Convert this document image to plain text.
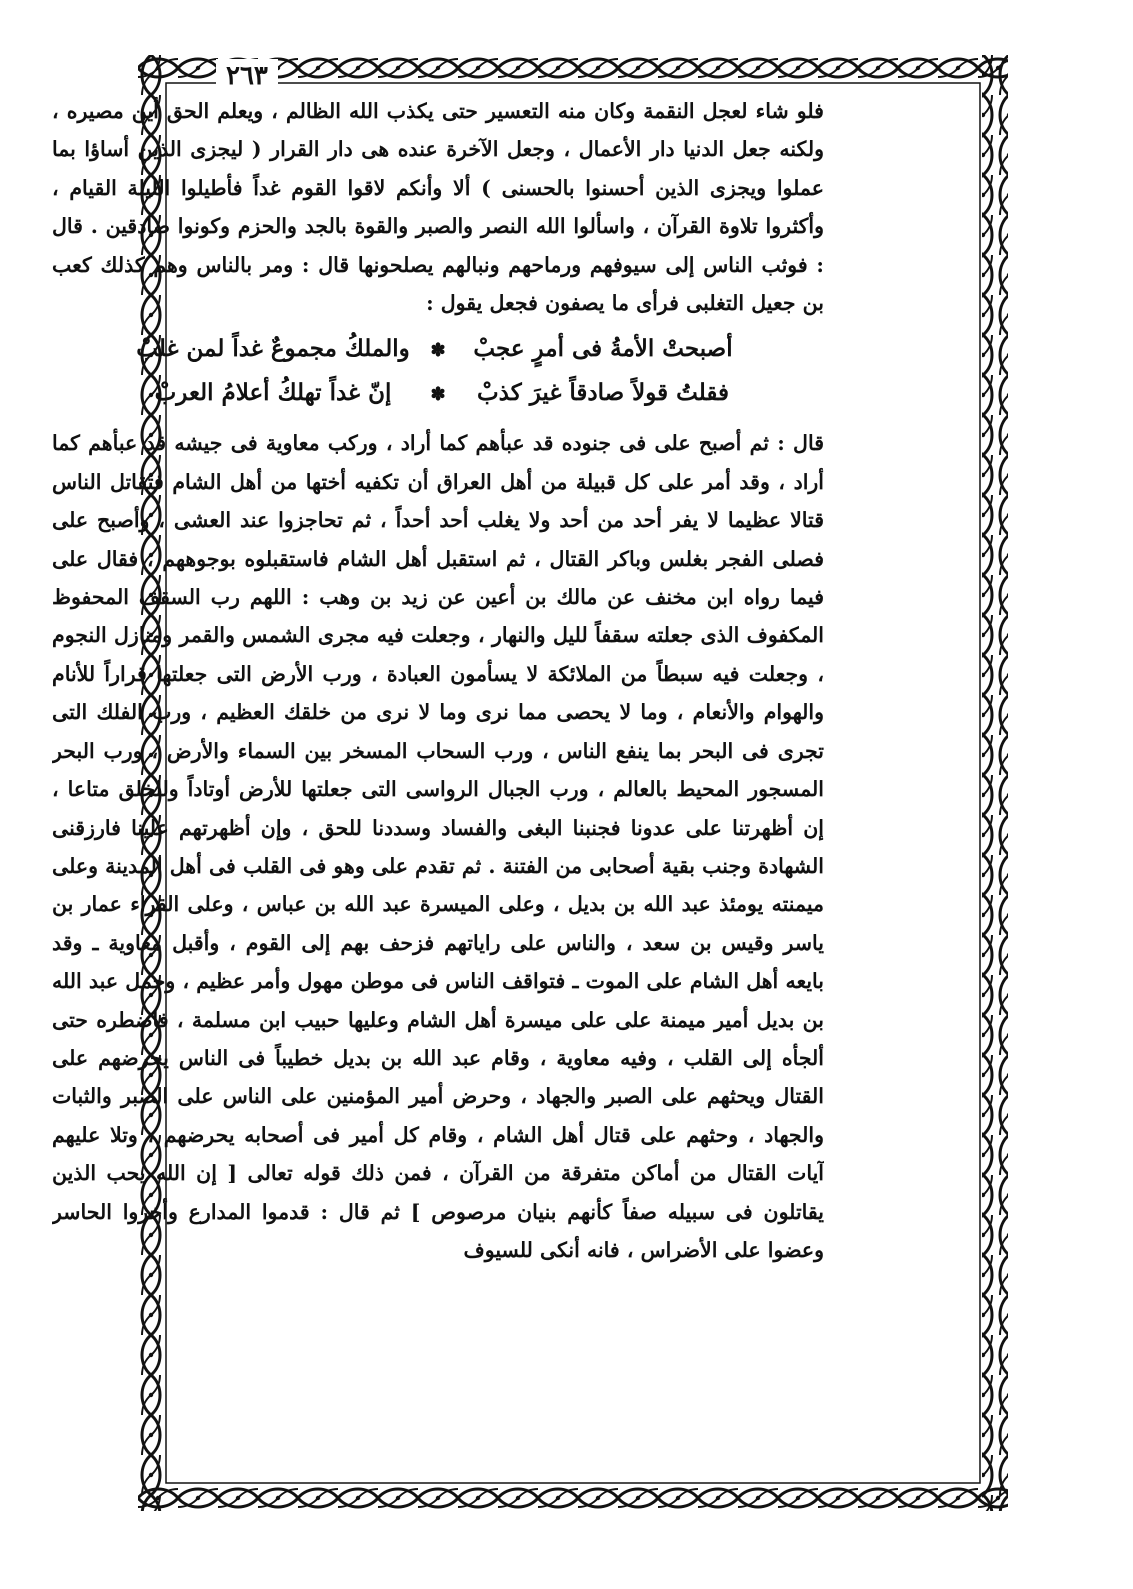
٢٦٣

فلو شاء لعجل النقمة وكان منه التعسير حتى يكذب الله الظالم ، ويعلم الحق أين مصيره ، ولكنه جعل الدنيا دار الأعمال ، وجعل الآخرة عنده هى دار القرار ( ليجزى الذين أساؤا بما عملوا ويجزى الذين أحسنوا بالحسنى ) ألا وأنكم لاقوا القوم غداً فأطيلوا الليلة القيام ، وأكثروا تلاوة القرآن ، واسألوا الله النصر والصبر والقوة بالجد والحزم وكونوا صادقين . قال : فوثب الناس إلى سيوفهم ورماحهم ونبالهم يصلحونها قال : ومر بالناس وهم كذلك كعب بن جعيل التغلبى فرأى ما يصفون فجعل يقول :

أصبحتْ الأمةُ فى أمرٍ عجبْ
✽
والملكُ مجموعٌ غداً لمن غلبْ
فقلتُ قولاً صادقاً غيرَ كذبْ
✽
إنّ غداً تهلكُ أعلامُ العربْ

قال : ثم أصبح على فى جنوده قد عبأهم كما أراد ، وركب معاوية فى جيشه قد عبأهم كما أراد ، وقد أمر على كل قبيلة من أهل العراق أن تكفيه أختها من أهل الشام فتقاتل الناس قتالا عظيما لا يفر أحد من أحد ولا يغلب أحد أحداً ، ثم تحاجزوا عند العشى ، وأصبح على فصلى الفجر بغلس وباكر القتال ، ثم استقبل أهل الشام فاستقبلوه بوجوههم ، فقال على فيما رواه ابن مخنف عن مالك بن أعين عن زيد بن وهب : اللهم رب السقف المحفوظ المكفوف الذى جعلته سقفاً لليل والنهار ، وجعلت فيه مجرى الشمس والقمر ومنازل النجوم ، وجعلت فيه سبطاً من الملائكة لا يسأمون العبادة ، ورب الأرض التى جعلتها قراراً للأنام والهوام والأنعام ، وما لا يحصى مما نرى وما لا نرى من خلقك العظيم ، ورب الفلك التى تجرى فى البحر بما ينفع الناس ، ورب السحاب المسخر بين السماء والأرض ، ورب البحر المسجور المحيط بالعالم ، ورب الجبال الرواسى التى جعلتها للأرض أوتاداً وللخلق متاعا ، إن أظهرتنا على عدونا فجنبنا البغى والفساد وسددنا للحق ، وإن أظهرتهم علينا فارزقنى الشهادة وجنب بقية أصحابى من الفتنة . ثم تقدم على وهو فى القلب فى أهل المدينة وعلى ميمنته يومئذ عبد الله بن بديل ، وعلى الميسرة عبد الله بن عباس ، وعلى القراء عمار بن ياسر وقيس بن سعد ، والناس على راياتهم فزحف بهم إلى القوم ، وأقبل معاوية ـ وقد بايعه أهل الشام على الموت ـ فتواقف الناس فى موطن مهول وأمر عظيم ، وحمل عبد الله بن بديل أمير ميمنة على على ميسرة أهل الشام وعليها حبيب ابن مسلمة ، فاضطره حتى ألجأه إلى القلب ، وفيه معاوية ، وقام عبد الله بن بديل خطيباً فى الناس يحرضهم على القتال ويحثهم على الصبر والجهاد ، وحرض أمير المؤمنين على الناس على الصبر والثبات والجهاد ، وحثهم على قتال أهل الشام ، وقام كل أمير فى أصحابه يحرضهم ، وتلا عليهم آيات القتال من أماكن متفرقة من القرآن ، فمن ذلك قوله تعالى [ إن الله يحب الذين يقاتلون فى سبيله صفاً كأنهم بنيان مرصوص ] ثم قال : قدموا المدارع وأخروا الحاسر وعضوا على الأضراس ، فانه أنكى للسيوف
